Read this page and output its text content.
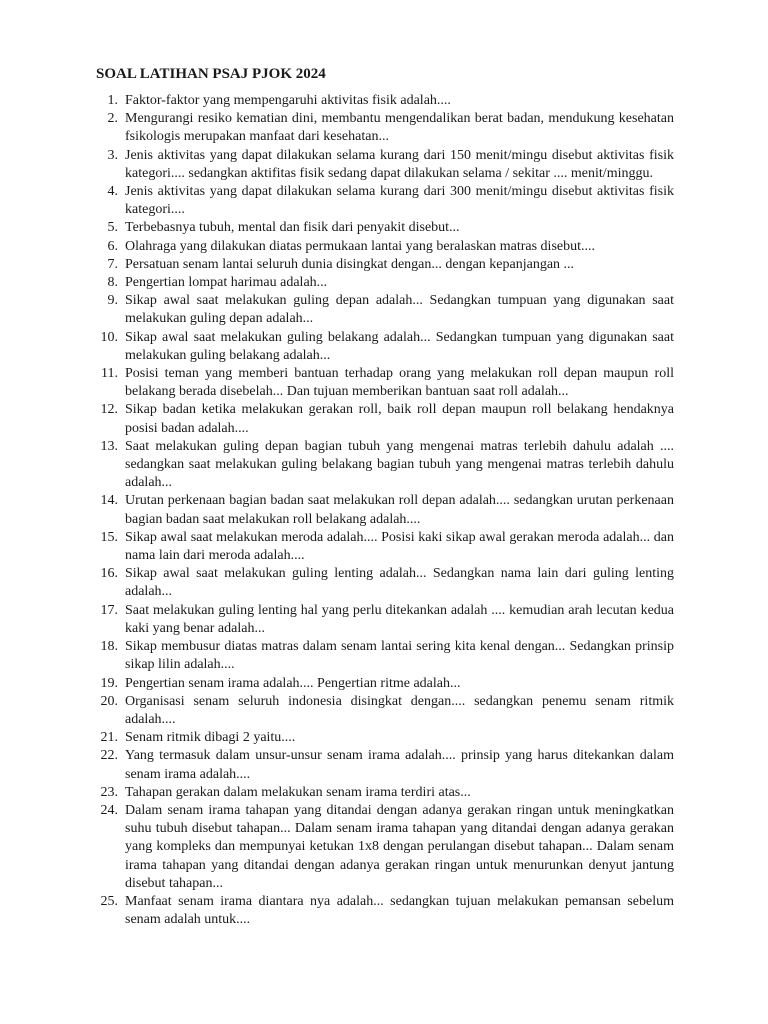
SOAL LATIHAN PSAJ PJOK 2024
1. Faktor-faktor yang mempengaruhi aktivitas fisik adalah....
2. Mengurangi resiko kematian dini, membantu mengendalikan berat badan, mendukung kesehatan fsikologis merupakan manfaat dari kesehatan...
3. Jenis aktivitas yang dapat dilakukan selama kurang dari 150 menit/mingu disebut aktivitas fisik kategori.... sedangkan aktifitas fisik sedang dapat dilakukan selama / sekitar .... menit/minggu.
4. Jenis aktivitas yang dapat dilakukan selama kurang dari 300 menit/mingu disebut aktivitas fisik kategori....
5. Terbebasnya tubuh, mental dan fisik dari penyakit disebut...
6. Olahraga yang dilakukan diatas permukaan lantai yang beralaskan matras disebut....
7. Persatuan senam lantai seluruh dunia disingkat dengan... dengan kepanjangan ...
8. Pengertian lompat harimau adalah...
9. Sikap awal saat melakukan guling depan adalah... Sedangkan tumpuan yang digunakan saat melakukan guling depan adalah...
10. Sikap awal saat melakukan guling belakang adalah... Sedangkan tumpuan yang digunakan saat melakukan guling belakang adalah...
11. Posisi teman yang memberi bantuan terhadap orang yang melakukan roll depan maupun roll belakang berada disebelah... Dan tujuan memberikan bantuan saat roll adalah...
12. Sikap badan ketika melakukan gerakan roll, baik roll depan maupun roll belakang hendaknya posisi badan adalah....
13. Saat melakukan guling depan bagian tubuh yang mengenai matras terlebih dahulu adalah .... sedangkan saat melakukan guling belakang bagian tubuh yang mengenai matras terlebih dahulu adalah...
14. Urutan perkenaan bagian badan saat melakukan roll depan adalah.... sedangkan urutan perkenaan bagian badan saat melakukan roll belakang adalah....
15. Sikap awal saat melakukan meroda adalah.... Posisi kaki sikap awal gerakan meroda adalah... dan nama lain dari meroda adalah....
16. Sikap awal saat melakukan guling lenting adalah... Sedangkan nama lain dari guling lenting adalah...
17. Saat melakukan guling lenting hal yang perlu ditekankan adalah .... kemudian arah lecutan kedua kaki yang benar adalah...
18. Sikap membusur diatas matras dalam senam lantai sering kita kenal dengan... Sedangkan prinsip sikap lilin adalah....
19. Pengertian senam irama adalah.... Pengertian ritme adalah...
20. Organisasi senam seluruh indonesia disingkat dengan.... sedangkan penemu senam ritmik adalah....
21. Senam ritmik dibagi 2 yaitu....
22. Yang termasuk dalam unsur-unsur senam irama adalah.... prinsip yang harus ditekankan dalam senam irama adalah....
23. Tahapan gerakan dalam melakukan senam irama terdiri atas...
24. Dalam senam irama tahapan yang ditandai dengan adanya gerakan ringan untuk meningkatkan suhu tubuh disebut tahapan... Dalam senam irama tahapan yang ditandai dengan adanya gerakan yang kompleks dan mempunyai ketukan 1x8 dengan perulangan disebut tahapan... Dalam senam irama tahapan yang ditandai dengan adanya gerakan ringan untuk menurunkan denyut jantung disebut tahapan...
25. Manfaat senam irama diantara nya adalah... sedangkan tujuan melakukan pemansan sebelum senam adalah untuk....
